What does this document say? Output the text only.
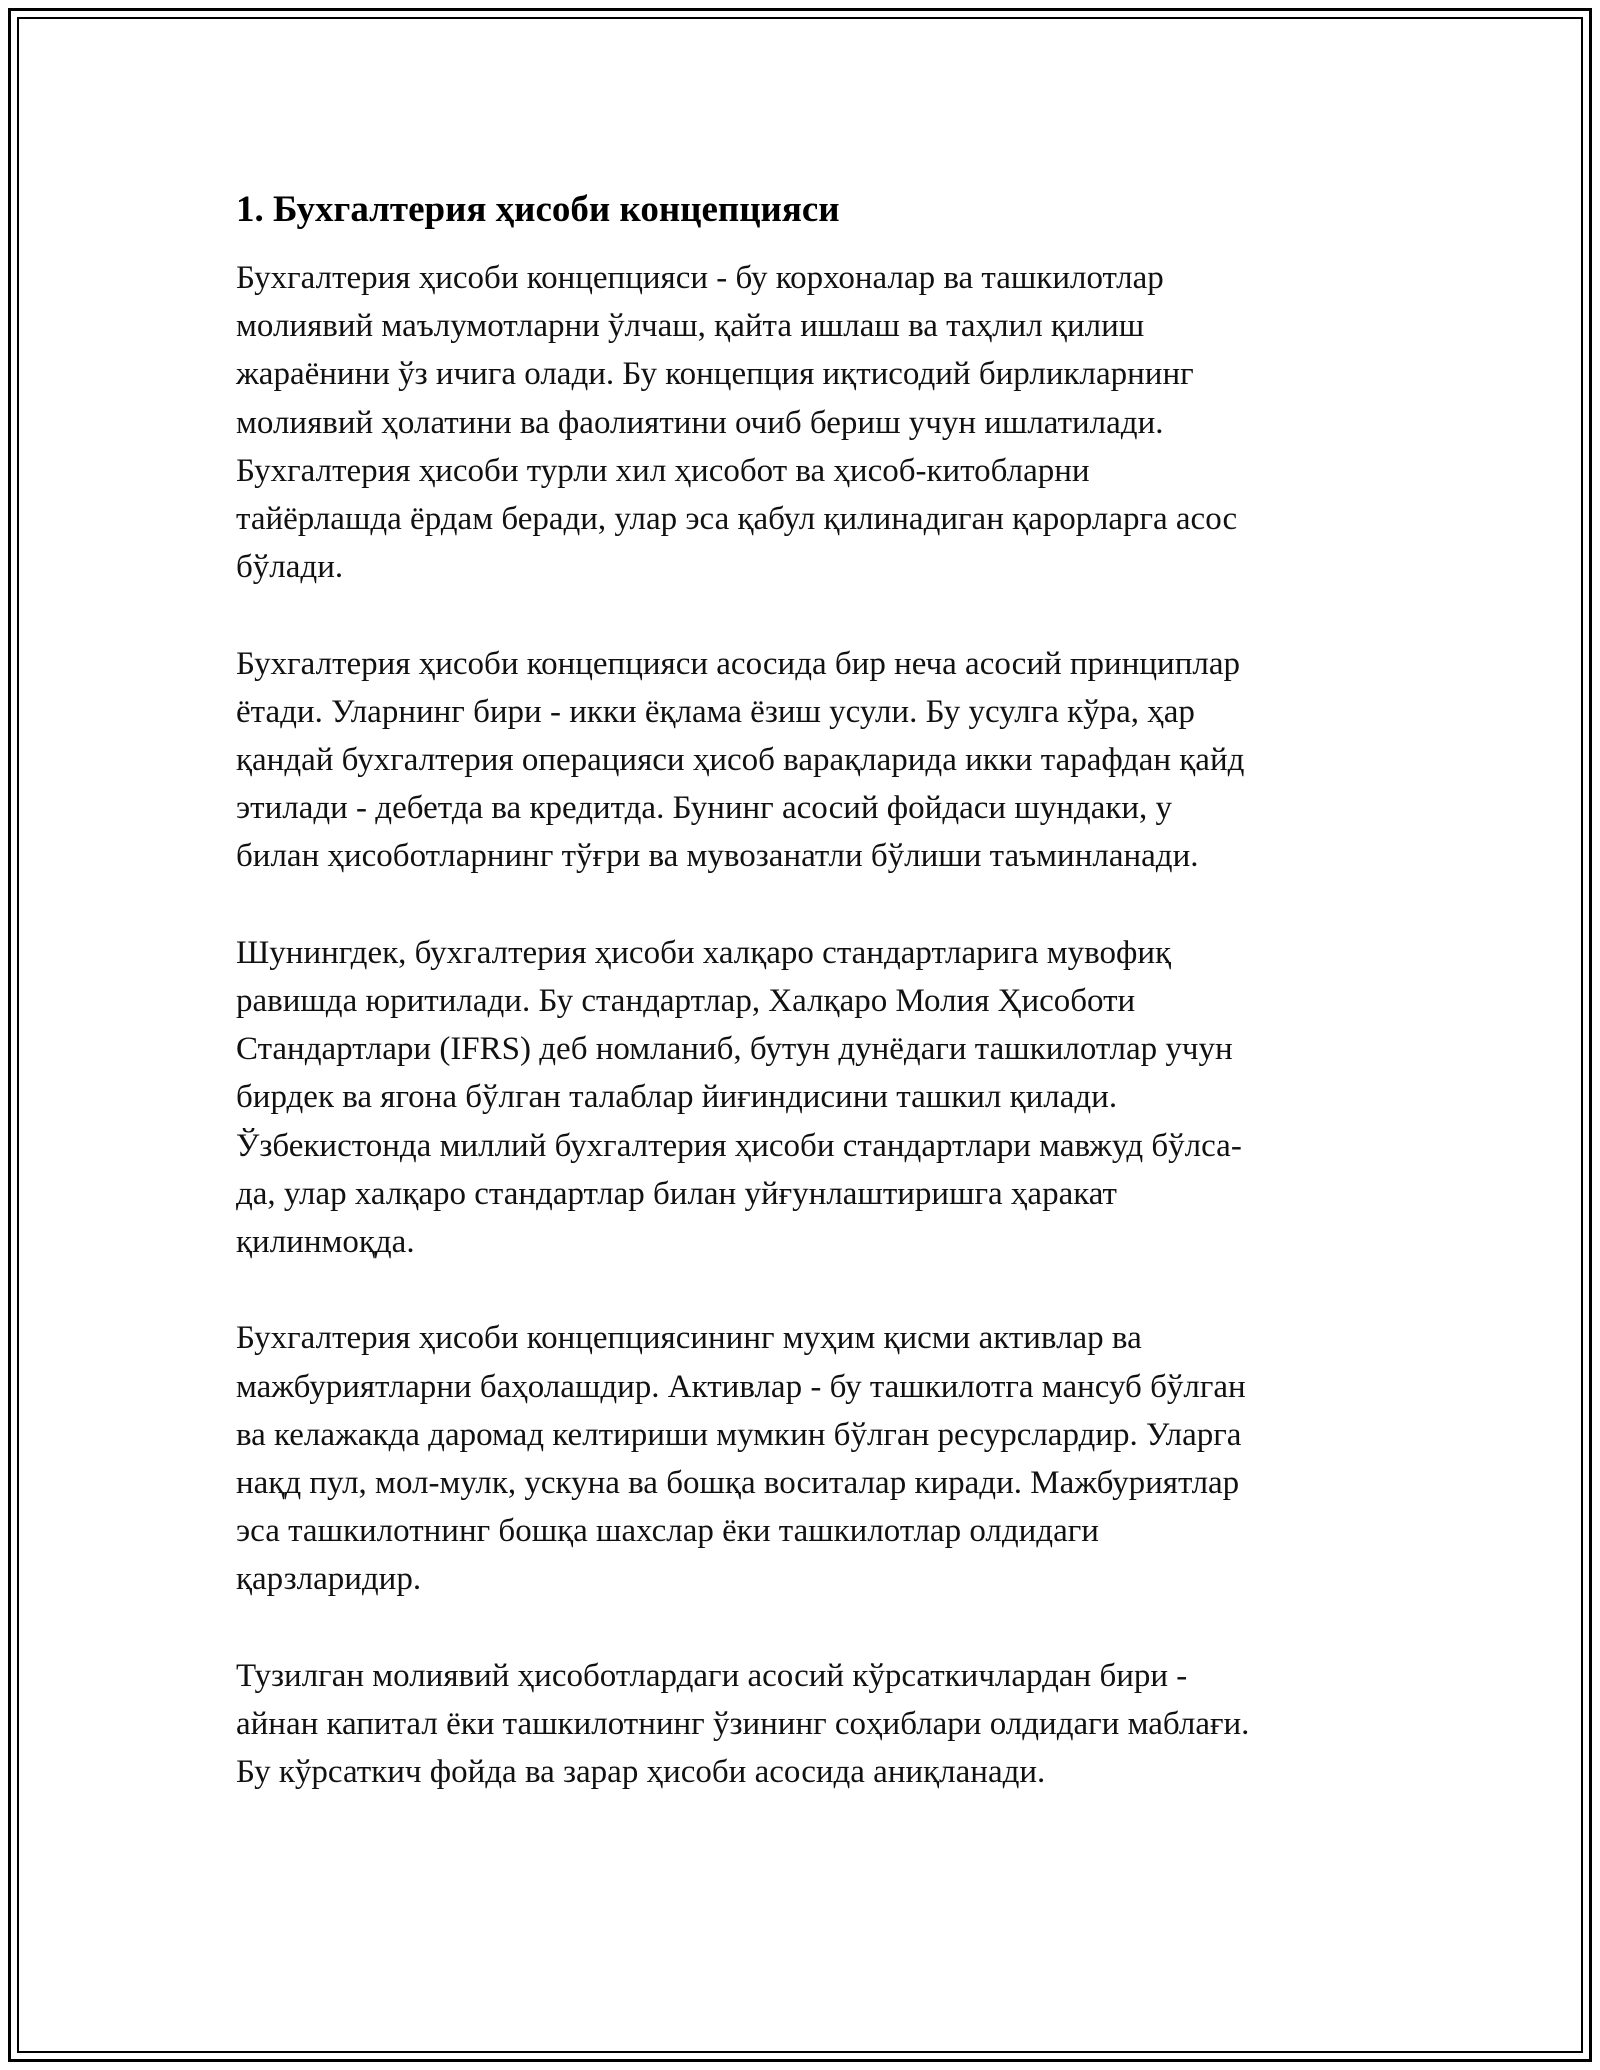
1. Бухгалтерия ҳисоби концепцияси

Бухгалтерия ҳисоби концепцияси - бу корхоналар ва ташкилотлар
молиявий маълумотларни ўлчаш, қайта ишлаш ва таҳлил қилиш
жараёнини ўз ичига олади. Бу концепция иқтисодий бирликларнинг
молиявий ҳолатини ва фаолиятини очиб бериш учун ишлатилади.
Бухгалтерия ҳисоби турли хил ҳисобот ва ҳисоб-китобларни
тайёрлашда ёрдам беради, улар эса қабул қилинадиган қарорларга асос
бўлади.

Бухгалтерия ҳисоби концепцияси асосида бир неча асосий принциплар
ётади. Уларнинг бири - икки ёқлама ёзиш усули. Бу усулга кўра, ҳар
қандай бухгалтерия операцияси ҳисоб варақларида икки тарафдан қайд
этилади - дебетда ва кредитда. Бунинг асосий фойдаси шундаки, у
билан ҳисоботларнинг тўғри ва мувозанатли бўлиши таъминланади.

Шунингдек, бухгалтерия ҳисоби халқаро стандартларига мувофиқ
равишда юритилади. Бу стандартлар, Халқаро Молия Ҳисоботи
Стандартлари (IFRS) деб номланиб, бутун дунёдаги ташкилотлар учун
бирдек ва ягона бўлган талаблар йиғиндисини ташкил қилади.
Ўзбекистонда миллий бухгалтерия ҳисоби стандартлари мавжуд бўлса-
да, улар халқаро стандартлар билан уйғунлаштиришга ҳаракат
қилинмоқда.

Бухгалтерия ҳисоби концепциясининг муҳим қисми активлар ва
мажбуриятларни баҳолашдир. Активлар - бу ташкилотга мансуб бўлган
ва келажакда даромад келтириши мумкин бўлган ресурслардир. Уларга
нақд пул, мол-мулк, ускуна ва бошқа воситалар киради. Мажбуриятлар
эса ташкилотнинг бошқа шахслар ёки ташкилотлар олдидаги
қарзларидир.

Тузилган молиявий ҳисоботлардаги асосий кўрсаткичлардан бири -
айнан капитал ёки ташкилотнинг ўзининг соҳиблари олдидаги маблағи.
Бу кўрсаткич фойда ва зарар ҳисоби асосида аниқланади.
